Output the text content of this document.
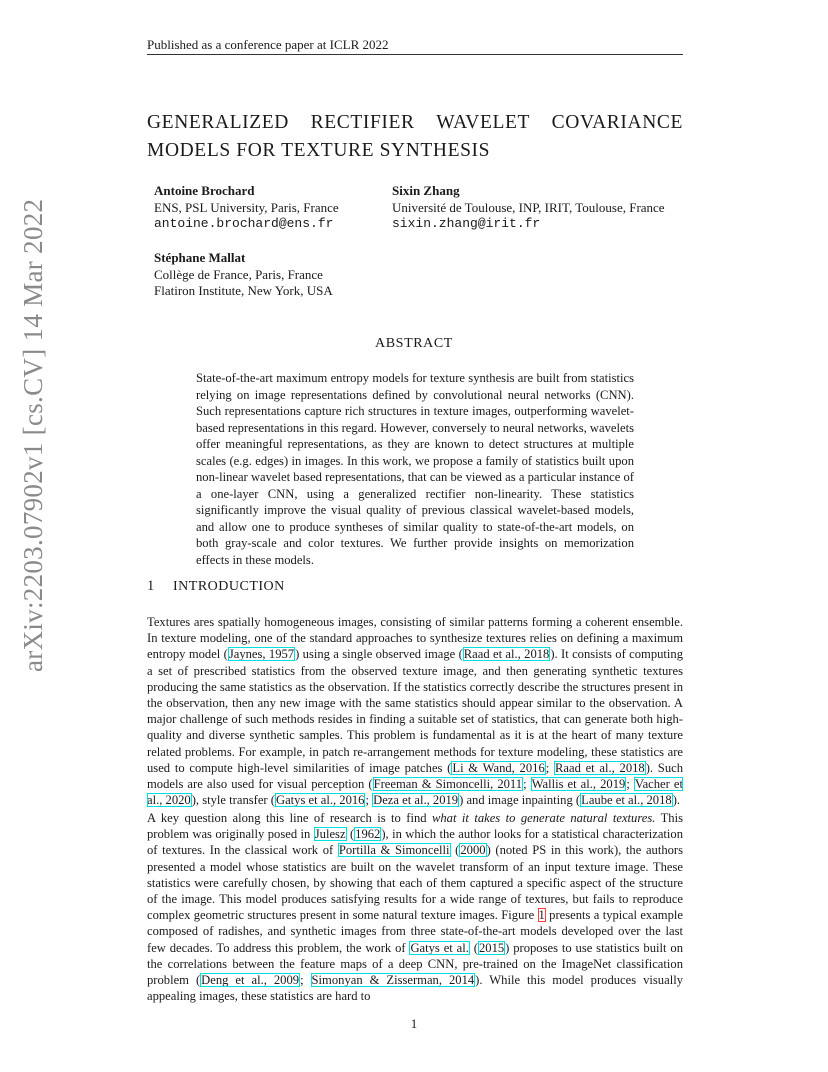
Published as a conference paper at ICLR 2022
GENERALIZED RECTIFIER WAVELET COVARIANCE
MODELS FOR TEXTURE SYNTHESIS
Antoine Brochard
ENS, PSL University, Paris, France
antoine.brochard@ens.fr
Sixin Zhang
Université de Toulouse, INP, IRIT, Toulouse, France
sixin.zhang@irit.fr
Stéphane Mallat
Collège de France, Paris, France
Flatiron Institute, New York, USA
ABSTRACT
State-of-the-art maximum entropy models for texture synthesis are built from statistics relying on image representations defined by convolutional neural networks (CNN). Such representations capture rich structures in texture images, outperforming wavelet-based representations in this regard. However, conversely to neural networks, wavelets offer meaningful representations, as they are known to detect structures at multiple scales (e.g. edges) in images. In this work, we propose a family of statistics built upon non-linear wavelet based representations, that can be viewed as a particular instance of a one-layer CNN, using a generalized rectifier non-linearity. These statistics significantly improve the visual quality of previous classical wavelet-based models, and allow one to produce syntheses of similar quality to state-of-the-art models, on both gray-scale and color textures. We further provide insights on memorization effects in these models.
1 INTRODUCTION
Textures ares spatially homogeneous images, consisting of similar patterns forming a coherent ensemble. In texture modeling, one of the standard approaches to synthesize textures relies on defining a maximum entropy model (Jaynes, 1957) using a single observed image (Raad et al., 2018). It consists of computing a set of prescribed statistics from the observed texture image, and then generating synthetic textures producing the same statistics as the observation. If the statistics correctly describe the structures present in the observation, then any new image with the same statistics should appear similar to the observation. A major challenge of such methods resides in finding a suitable set of statistics, that can generate both high-quality and diverse synthetic samples. This problem is fundamental as it is at the heart of many texture related problems. For example, in patch re-arrangement methods for texture modeling, these statistics are used to compute high-level similarities of image patches (Li & Wand, 2016; Raad et al., 2018). Such models are also used for visual perception (Freeman & Simoncelli, 2011; Wallis et al., 2019; Vacher et al., 2020), style transfer (Gatys et al., 2016; Deza et al., 2019) and image inpainting (Laube et al., 2018).
A key question along this line of research is to find what it takes to generate natural textures. This problem was originally posed in Julesz (1962), in which the author looks for a statistical characterization of textures. In the classical work of Portilla & Simoncelli (2000) (noted PS in this work), the authors presented a model whose statistics are built on the wavelet transform of an input texture image. These statistics were carefully chosen, by showing that each of them captured a specific aspect of the structure of the image. This model produces satisfying results for a wide range of textures, but fails to reproduce complex geometric structures present in some natural texture images. Figure 1 presents a typical example composed of radishes, and synthetic images from three state-of-the-art models developed over the last few decades. To address this problem, the work of Gatys et al. (2015) proposes to use statistics built on the correlations between the feature maps of a deep CNN, pre-trained on the ImageNet classification problem (Deng et al., 2009; Simonyan & Zisserman, 2014). While this model produces visually appealing images, these statistics are hard to
arXiv:2203.07902v1 [cs.CV] 14 Mar 2022
1
